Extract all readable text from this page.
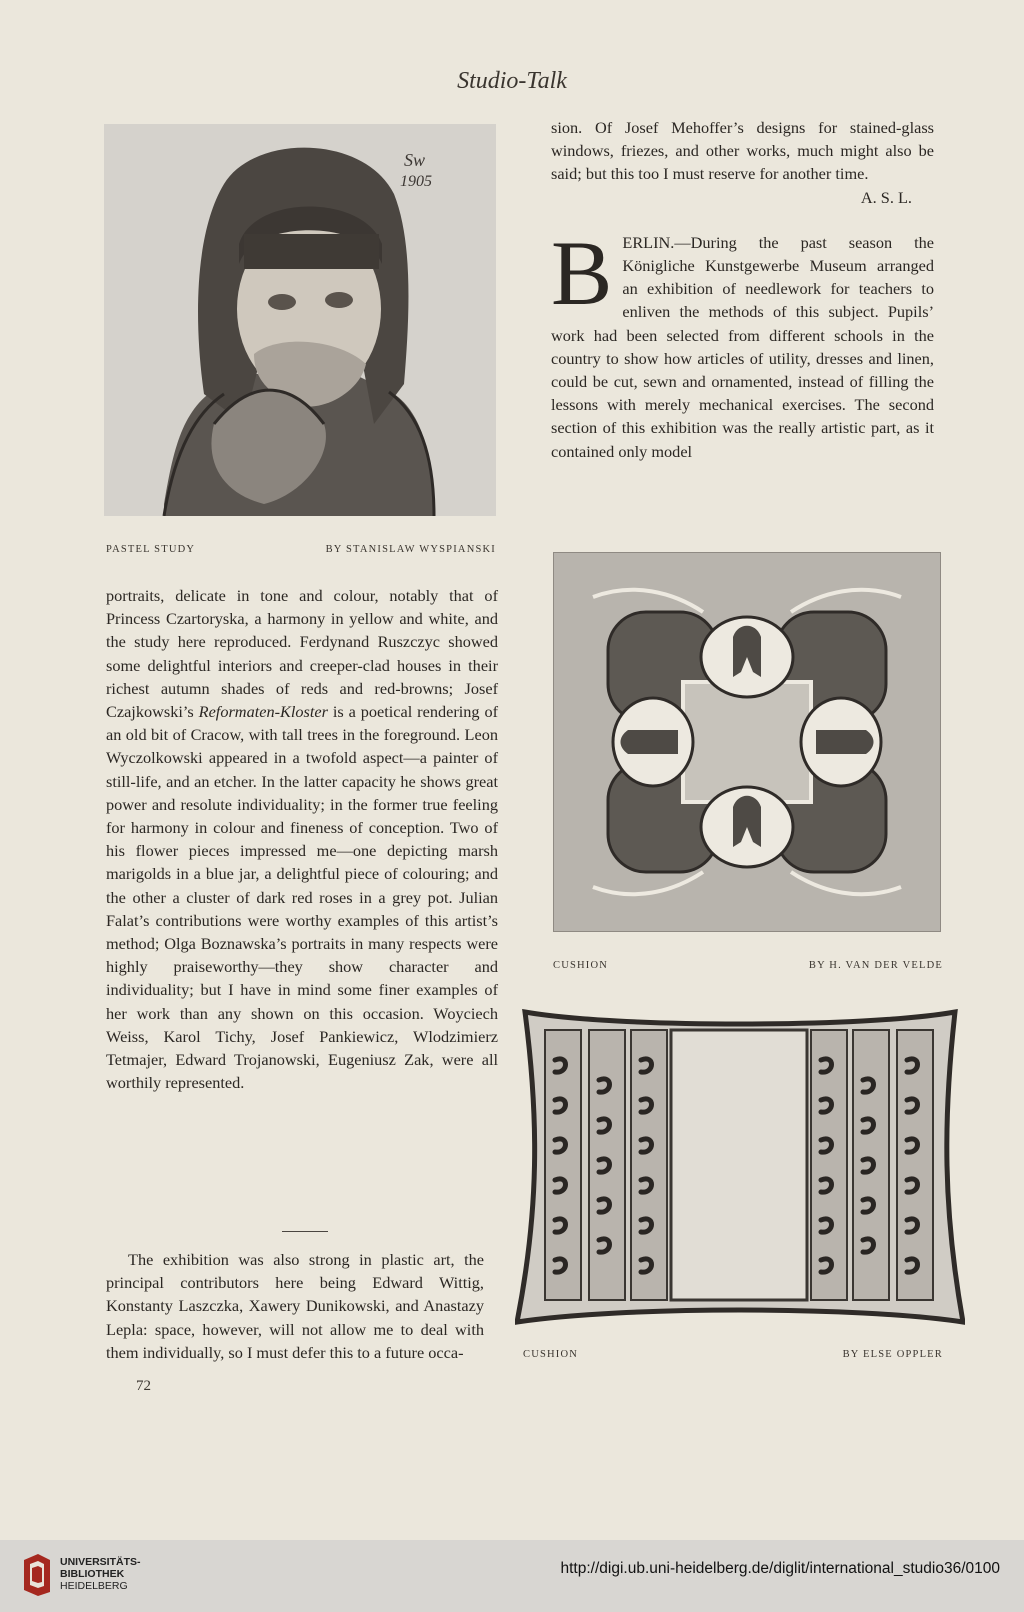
Studio-Talk
Sw
1905
PASTEL STUDY	BY STANISLAW WYSPIANSKI

sion. Of Josef Mehoffer’s designs for stained-glass windows, friezes, and other works, much might also be said; but this too I must reserve for another time.

A. S. L.

BERLIN.—During the past season the Königliche Kunstgewerbe Museum arranged an exhibition of needlework for teachers to enliven the methods of this subject. Pupils’ work had been selected from different schools in the country to show how articles of utility, dresses and linen, could be cut, sewn and ornamented, instead of filling the lessons with merely mechanical exercises. The second section of this exhibition was the really artistic part, as it contained only model

CUSHION	BY H. VAN DER VELDE

portraits, delicate in tone and colour, notably that of Princess Czartoryska, a harmony in yellow and white, and the study here reproduced. Ferdynand Ruszczyc showed some delightful interiors and creeper-clad houses in their richest autumn shades of reds and red-browns; Josef Czajkowski’s Reformaten-Kloster is a poetical rendering of an old bit of Cracow, with tall trees in the foreground. Leon Wyczolkowski appeared in a twofold aspect—a painter of still-life, and an etcher. In the latter capacity he shows great power and resolute individuality; in the former true feeling for harmony in colour and fineness of conception. Two of his flower pieces impressed me—one depicting marsh marigolds in a blue jar, a delightful piece of colouring; and the other a cluster of dark red roses in a grey pot. Julian Falat’s contributions were worthy examples of this artist’s method; Olga Boznawska’s portraits in many respects were highly praiseworthy—they show character and individuality; but I have in mind some finer examples of her work than any shown on this occasion. Woyciech Weiss, Karol Tichy, Josef Pankiewicz, Wlodzimierz Tetmajer, Edward Trojanowski, Eugeniusz Zak, were all worthily represented.

The exhibition was also strong in plastic art, the principal contributors here being Edward Wittig, Konstanty Laszczka, Xawery Dunikowski, and Anastazy Lepla: space, however, will not allow me to deal with them individually, so I must defer this to a future occa-	CUSHION	BY ELSE OPPLER
72
UNIVERSITÄTS-
BIBLIOTHEK
HEIDELBERG
http://digi.ub.uni-heidelberg.de/diglit/international_studio36/0100
